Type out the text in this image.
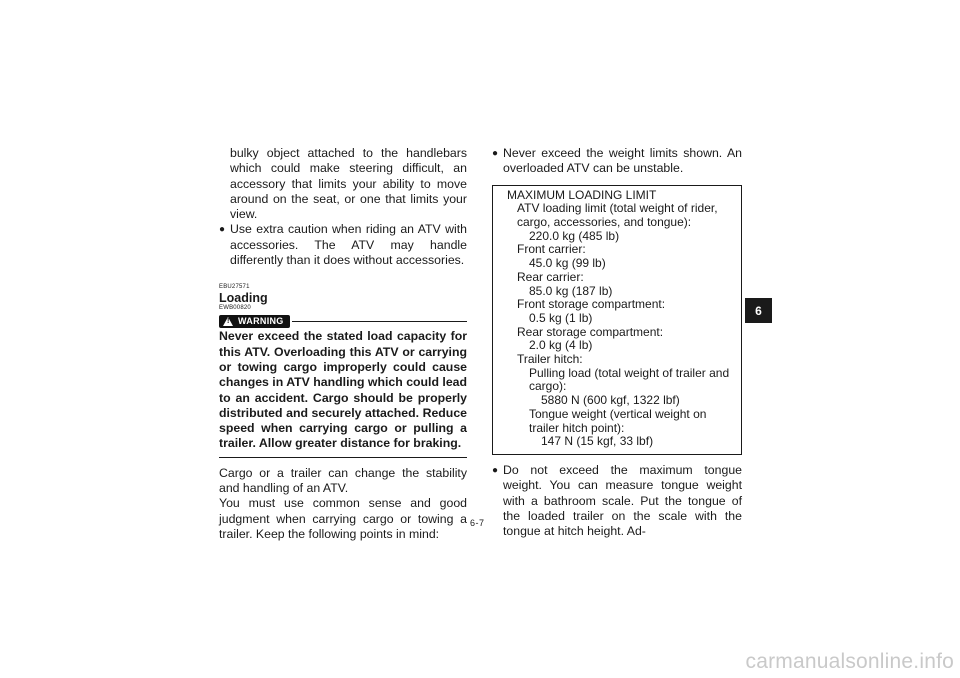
bulky object attached to the handlebars which could make steering difficult, an accessory that limits your ability to move around on the seat, or one that limits your view.

● Use extra caution when riding an ATV with accessories. The ATV may handle differently than it does without accessories.
EBU27571
Loading
EWB00820
! WARNING

Never exceed the stated load capacity for this ATV. Overloading this ATV or carrying or towing cargo improperly could cause changes in ATV handling which could lead to an accident. Cargo should be properly distributed and securely attached. Reduce speed when carrying cargo or pulling a trailer. Allow greater distance for braking.

Cargo or a trailer can change the stability and handling of an ATV.

You must use common sense and good judgment when carrying cargo or towing a trailer. Keep the following points in mind:

● Never exceed the weight limits shown. An overloaded ATV can be unstable.
MAXIMUM LOADING LIMIT
ATV loading limit (total weight of rider, cargo, accessories, and tongue):
220.0 kg (485 lb)
Front carrier:
45.0 kg (99 lb)
Rear carrier:
85.0 kg (187 lb)
Front storage compartment:
0.5 kg (1 lb)
Rear storage compartment:
2.0 kg (4 lb)
Trailer hitch:
Pulling load (total weight of trailer and cargo):
5880 N (600 kgf, 1322 lbf)
Tongue weight (vertical weight on trailer hitch point):
147 N (15 kgf, 33 lbf)
● Do not exceed the maximum tongue weight. You can measure tongue weight with a bathroom scale. Put the tongue of the loaded trailer on the scale with the tongue at hitch height. Ad-
6-7
6
carmanualsonline.info
